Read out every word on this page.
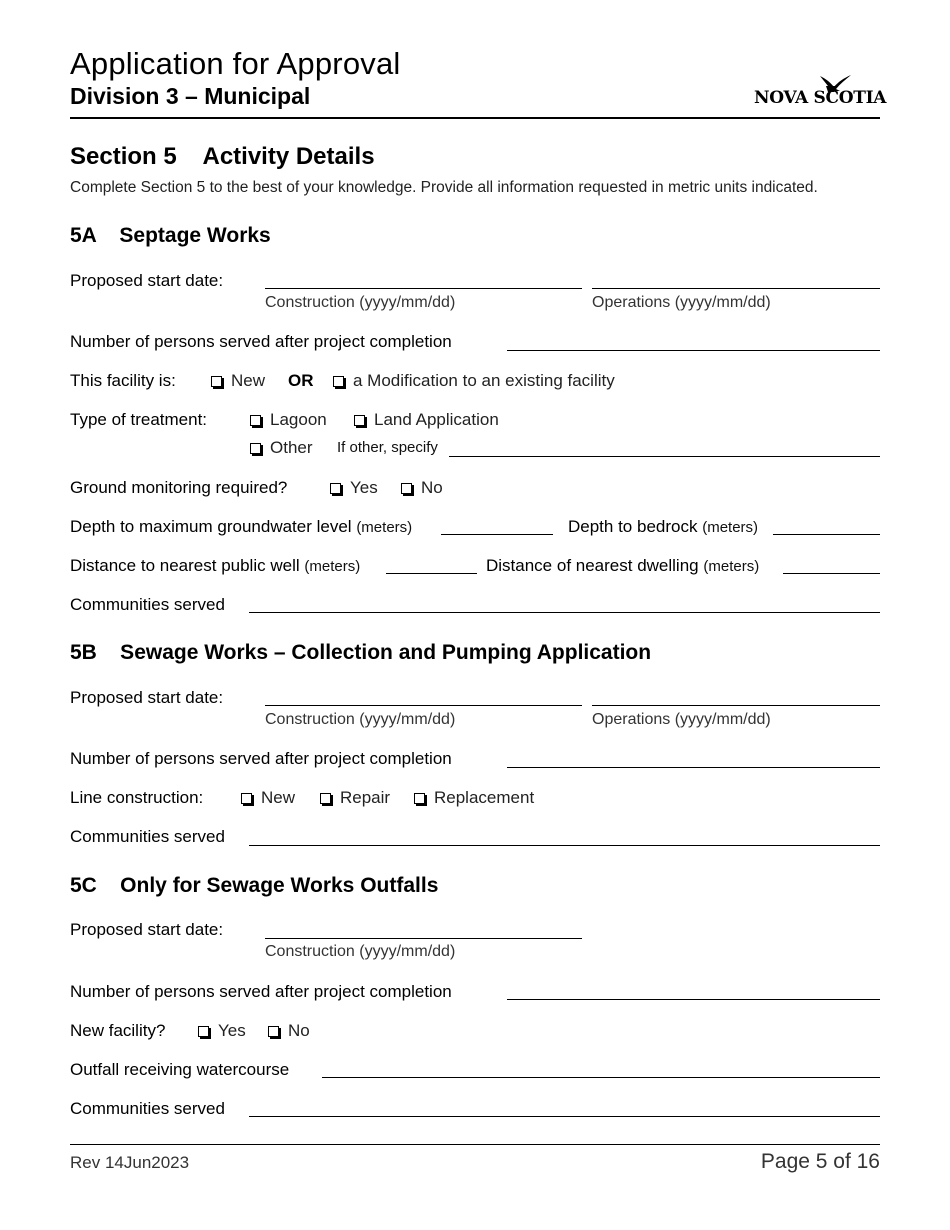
Application for Approval
Division 3 – Municipal	NOVA SCOTIA
Section 5    Activity Details
Complete Section 5 to the best of your knowledge. Provide all information requested in metric units indicated.
5A    Septage Works
Proposed start date:
Construction (yyyy/mm/dd)	Operations (yyyy/mm/dd)
Number of persons served after project completion
This facility is:	New OR	a Modification to an existing facility
Type of treatment:	Lagoon	Land Application
Other If other, specify
Ground monitoring required?	Yes	No
Depth to maximum groundwater level (meters)	Depth to bedrock (meters)
Distance to nearest public well (meters)	Distance of nearest dwelling (meters)
Communities served
5B    Sewage Works – Collection and Pumping Application
Proposed start date:
Construction (yyyy/mm/dd)	Operations (yyyy/mm/dd)
Number of persons served after project completion
Line construction:	New	Repair	Replacement
Communities served
5C    Only for Sewage Works Outfalls
Proposed start date:
Construction (yyyy/mm/dd)
Number of persons served after project completion
New facility?	Yes	No
Outfall receiving watercourse
Communities served
Rev 14Jun2023	Page 5 of 16
